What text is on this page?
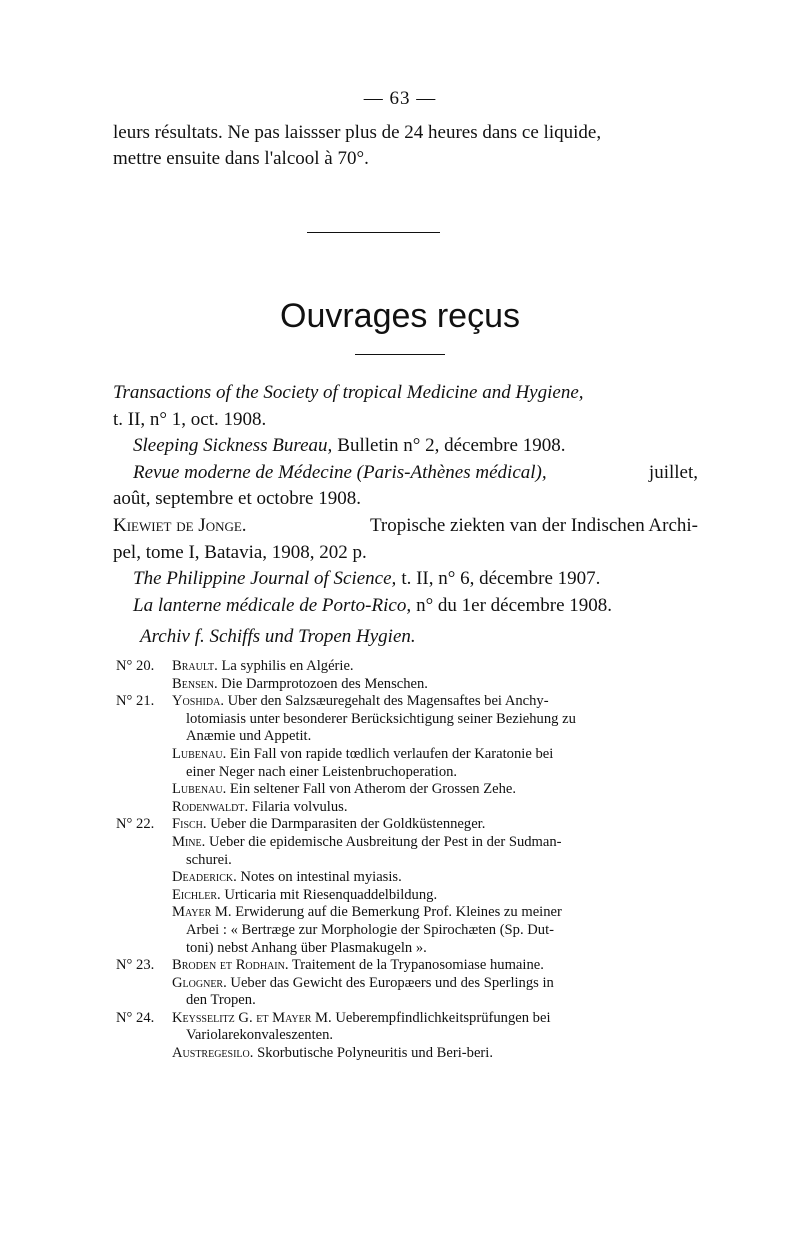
— 63 —

leurs résultats. Ne pas laissser plus de 24 heures dans ce liquide,

mettre ensuite dans l'alcool à 70°.

Ouvrages reçus
Transactions of the Society of tropical Medicine and Hygiene,
t. II, n° 1, oct. 1908.
Sleeping Sickness Bureau, Bulletin n° 2, décembre 1908.
Revue moderne de Médecine (Paris-Athènes médical),	juillet,
août, septembre et octobre 1908.
Kiewiet de Jonge.	Tropische ziekten van der Indischen Archi-
pel, tome I, Batavia, 1908, 202 p.
The Philippine Journal of Science, t. II, n° 6, décembre 1907.
La lanterne médicale de Porto-Rico, n° du 1er décembre 1908.
Archiv f. Schiffs und Tropen Hygien.
N° 20.	Brault. La syphilis en Algérie.
Bensen. Die Darmprotozoen des Menschen.
N° 21.	Yoshida. Uber den Salzsæuregehalt des Magensaftes bei Anchy-
lotomiasis unter besonderer Berücksichtigung seiner Beziehung zu
Anæmie und Appetit.
Lubenau. Ein Fall von rapide tœdlich verlaufen der Karatonie bei
einer Neger nach einer Leistenbruchoperation.
Lubenau. Ein seltener Fall von Atherom der Grossen Zehe.
Rodenwaldt. Filaria volvulus.
N° 22.	Fisch. Ueber die Darmparasiten der Goldküstenneger.
Mine. Ueber die epidemische Ausbreitung der Pest in der Sudman-
schurei.
Deaderick. Notes on intestinal myiasis.
Eichler. Urticaria mit Riesenquaddelbildung.
Mayer M. Erwiderung auf die Bemerkung Prof. Kleines zu meiner
Arbei : « Bertræge zur Morphologie der Spirochæten (Sp. Dut-
toni) nebst Anhang über Plasmakugeln ».
N° 23.	Broden et Rodhain. Traitement de la Trypanosomiase humaine.
Glogner. Ueber das Gewicht des Europæers und des Sperlings in
den Tropen.
N° 24.	Keysselitz G. et Mayer M. Ueberempfindlichkeitsprüfungen bei
Variolarekonvaleszenten.
Austregesilo. Skorbutische Polyneuritis und Beri-beri.
